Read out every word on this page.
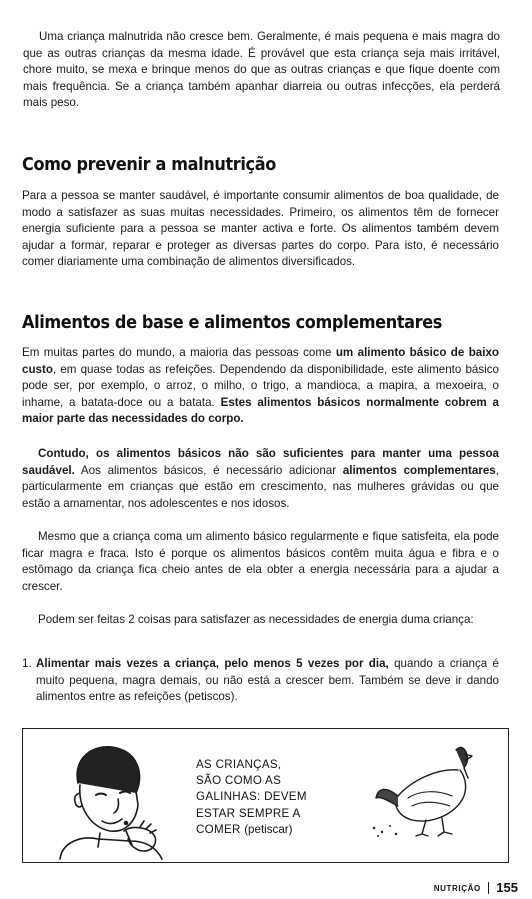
Uma criança malnutrida não cresce bem. Geralmente, é mais pequena e mais magra do que as outras crianças da mesma idade. É provável que esta criança seja mais irritável, chore muito, se mexa e brinque menos do que as outras crianças e que fique doente com mais frequência. Se a criança também apanhar diarreia ou outras infecções, ela perderá mais peso.

Como prevenir a malnutrição

Para a pessoa se manter saudável, é importante consumir alimentos de boa qualidade, de modo a satisfazer as suas muitas necessidades. Primeiro, os alimentos têm de fornecer energia suficiente para a pessoa se manter activa e forte. Os alimentos também devem ajudar a formar, reparar e proteger as diversas partes do corpo. Para isto, é necessário comer diariamente uma combinação de alimentos diversificados.

Alimentos de base e alimentos complementares

Em muitas partes do mundo, a maioria das pessoas come um alimento básico de baixo custo, em quase todas as refeições. Dependendo da disponibilidade, este alimento básico pode ser, por exemplo, o arroz, o milho, o trigo, a mandioca, a mapira, a mexoeira, o inhame, a batata-doce ou a batata. Estes alimentos básicos normalmente cobrem a maior parte das necessidades do corpo.

Contudo, os alimentos básicos não são suficientes para manter uma pessoa saudável. Aos alimentos básicos, é necessário adicionar alimentos complementares, particularmente em crianças que estão em crescimento, nas mulheres grávidas ou que estão a amamentar, nos adolescentes e nos idosos.

Mesmo que a criança coma um alimento básico regularmente e fique satisfeita, ela pode ficar magra e fraca. Isto é porque os alimentos básicos contêm muita água e fibra e o estômago da criança fica cheio antes de ela obter a energia necessária para a ajudar a crescer.

Podem ser feitas 2 coisas para satisfazer as necessidades de energia duma criança:

1. Alimentar mais vezes a criança, pelo menos 5 vezes por dia, quando a criança é muito pequena, magra demais, ou não está a crescer bem. Também se deve ir dando alimentos entre as refeições (petiscos).

AS CRIANÇAS,
SÃO COMO AS
GALINHAS: DEVEM
ESTAR SEMPRE A
COMER (petiscar)
NUTRIÇÃO 155
